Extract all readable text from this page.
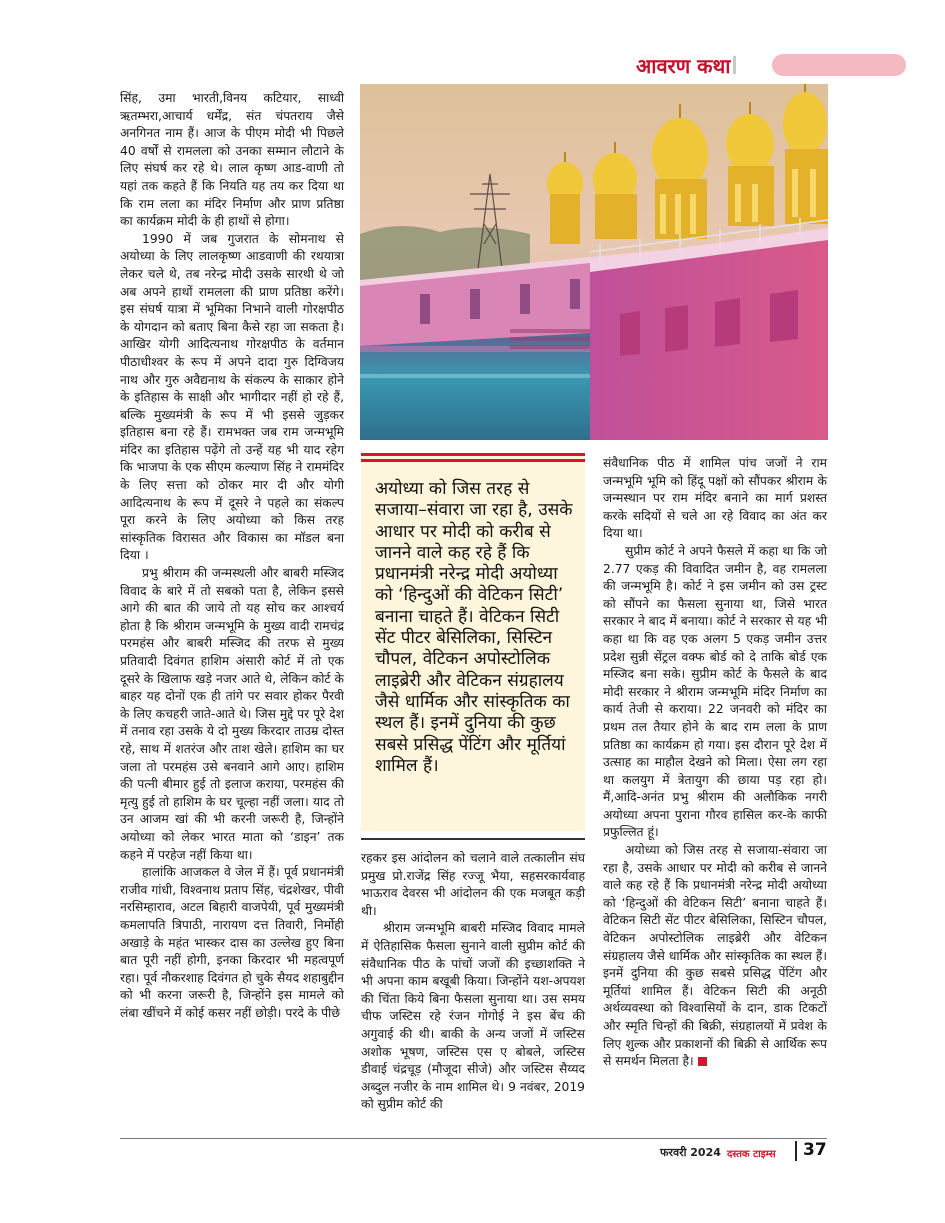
आवरण कथा

सिंह, उमा भारती,विनय कटियार, साध्वी ऋतम्भरा,आचार्य धर्मेंद्र, संत चंपतराय जैसे अनगिनत नाम हैं। आज के पीएम मोदी भी पिछले 40 वर्षों से रामलला को उनका सम्मान लौटाने के लिए संघर्ष कर रहे थे। लाल कृष्ण आड-वाणी तो यहां तक कहते हैं कि नियति यह तय कर दिया था कि राम लला का मंदिर निर्माण और प्राण प्रतिष्ठा का कार्यक्रम मोदी के ही हाथों से होगा।

1990 में जब गुजरात के सोमनाथ से अयोध्या के लिए लालकृष्ण आडवाणी की रथयात्रा लेकर चले थे, तब नरेन्द्र मोदी उसके सारथी थे जो अब अपने हाथों रामलला की प्राण प्रतिष्ठा करेंगे। इस संघर्ष यात्रा में भूमिका निभाने वाली गोरक्षपीठ के योगदान को बताए बिना कैसे रहा जा सकता है। आखिर योगी आदित्यनाथ गोरक्षपीठ के वर्तमान पीठाधीश्वर के रूप में अपने दादा गुरु दिग्विजय नाथ और गुरु अवैद्यनाथ के संकल्प के साकार होने के इतिहास के साक्षी और भागीदार नहीं हो रहे हैं, बल्कि मुख्यमंत्री के रूप में भी इससे जुड़कर इतिहास बना रहे हैं। रामभक्त जब राम जन्मभूमि मंदिर का इतिहास पढ़ेंगे तो उन्हें यह भी याद रहेग कि भाजपा के एक सीएम कल्याण सिंह ने राममंदिर के लिए सत्ता को ठोकर मार दी और योगी आदित्यनाथ के रूप में दूसरे ने पहले का संकल्प पूरा करने के लिए अयोध्या को किस तरह सांस्कृतिक विरासत और विकास का मॉडल बना दिया ।

प्रभु श्रीराम की जन्मस्थली और बाबरी मस्जिद विवाद के बारे में तो सबको पता है, लेकिन इससे आगे की बात की जाये तो यह सोच कर आश्चर्य होता है कि श्रीराम जन्मभूमि के मुख्य वादी रामचंद्र परमहंस और बाबरी मस्जिद की तरफ से मुख्य प्रतिवादी दिवंगत हाशिम अंसारी कोर्ट में तो एक दूसरे के खिलाफ खड़े नजर आते थे, लेकिन कोर्ट के बाहर यह दोनों एक ही तांगे पर सवार होकर पैरवी के लिए कचहरी जाते-आते थे। जिस मुद्दे पर पूरे देश में तनाव रहा उसके ये दो मुख्य किरदार ताउम्र दोस्त रहे, साथ में शतरंज और ताश खेले। हाशिम का घर जला तो परमहंस उसे बनवाने आगे आए। हाशिम की पत्नी बीमार हुई तो इलाज कराया, परमहंस की मृत्यु हुई तो हाशिम के घर चूल्हा नहीं जला। याद तो उन आजम खां की भी करनी जरूरी है, जिन्होंने अयोध्या को लेकर भारत माता को ‘डाइन’ तक कहने में परहेज नहीं किया था।

हालांकि आजकल वे जेल में हैं। पूर्व प्रधानमंत्री राजीव गांधी, विश्वनाथ प्रताप सिंह, चंद्रशेखर, पीवी नरसिम्हाराव, अटल बिहारी वाजपेयी, पूर्व मुख्यमंत्री कमलापति त्रिपाठी, नारायण दत्त तिवारी, निर्मोही अखाड़े के महंत भास्कर दास का उल्लेख हुए बिना बात पूरी नहीं होगी, इनका किरदार भी महत्वपूर्ण रहा। पूर्व नौकरशाह दिवंगत हो चुके सैयद शहाबुद्दीन को भी करना जरूरी है, जिन्होंने इस मामले को लंबा खींचने में कोई कसर नहीं छोड़ी। परदे के पीछे

अयोध्या को जिस तरह से सजाया–संवारा जा रहा है, उसके आधार पर मोदी को करीब से जानने वाले कह रहे हैं कि प्रधानमंत्री नरेन्द्र मोदी अयोध्या को ‘हिन्दुओं की वेटिकन सिटी’ बनाना चाहते हैं। वेटिकन सिटी सेंट पीटर बेसिलिका, सिस्टिन चौपल, वेटिकन अपोस्टोलिक लाइब्रेरी और वेटिकन संग्रहालय जैसे धार्मिक और सांस्कृतिक का स्थल हैं। इनमें दुनिया की कुछ सबसे प्रसिद्ध पेंटिंग और मूर्तियां शामिल हैं।

रहकर इस आंदोलन को चलाने वाले तत्कालीन संघ प्रमुख प्रो.राजेंद्र सिंह रज्जू भैया, सहसरकार्यवाह भाऊराव देवरस भी आंदोलन की एक मजबूत कड़ी थी।

श्रीराम जन्मभूमि बाबरी मस्जिद विवाद मामले में ऐतिहासिक फैसला सुनाने वाली सुप्रीम कोर्ट की संवैधानिक पीठ के पांचों जजों की इच्छाशक्ति ने भी अपना काम बखूबी किया। जिन्होंने यश-अपयश की चिंता किये बिना फैसला सुनाया था। उस समय चीफ जस्टिस रहे रंजन गोगोई ने इस बेंच की अगुवाई की थी। बाकी के अन्य जजों में जस्टिस अशोक भूषण, जस्टिस एस ए बोबले, जस्टिस डीवाई चंद्रचूड़ (मौजूदा सीजे) और जस्टिस सैय्यद अब्दुल नजीर के नाम शामिल थे। 9 नवंबर, 2019 को सुप्रीम कोर्ट की

संवैधानिक पीठ में शामिल पांच जजों ने राम जन्मभूमि भूमि को हिंदू पक्षों को सौंपकर श्रीराम के जन्मस्थान पर राम मंदिर बनाने का मार्ग प्रशस्त करके सदियों से चले आ रहे विवाद का अंत कर दिया था।

सुप्रीम कोर्ट ने अपने फैसले में कहा था कि जो 2.77 एकड़ की विवादित जमीन है, वह रामलला की जन्मभूमि है। कोर्ट ने इस जमीन को उस ट्रस्ट को सौंपने का फैसला सुनाया था, जिसे भारत सरकार ने बाद में बनाया। कोर्ट ने सरकार से यह भी कहा था कि वह एक अलग 5 एकड़ जमीन उत्तर प्रदेश सुन्नी सेंट्रल वक्फ बोर्ड को दे ताकि बोर्ड एक मस्जिद बना सके। सुप्रीम कोर्ट के फैसले के बाद मोदी सरकार ने श्रीराम जन्मभूमि मंदिर निर्माण का कार्य तेजी से कराया। 22 जनवरी को मंदिर का प्रथम तल तैयार होने के बाद राम लला के प्राण प्रतिष्ठा का कार्यक्रम हो गया। इस दौरान पूरे देश में उत्साह का माहौल देखने को मिला। ऐसा लग रहा था कलयुग में त्रेतायुग की छाया पड़ रहा हो। मैं,आदि-अनंत प्रभु श्रीराम की अलौकिक नगरी अयोध्या अपना पुराना गौरव हासिल कर-के काफी प्रफुल्लित हूं।

अयोध्या को जिस तरह से सजाया-संवारा जा रहा है, उसके आधार पर मोदी को करीब से जानने वाले कह रहे हैं कि प्रधानमंत्री नरेन्द्र मोदी अयोध्या को ‘हिन्दुओं की वेटिकन सिटी’ बनाना चाहते हैं। वेटिकन सिटी सेंट पीटर बेसिलिका, सिस्टिन चौपल, वेटिकन अपोस्टोलिक लाइब्रेरी और वेटिकन संग्रहालय जैसे धार्मिक और सांस्कृतिक का स्थल हैं। इनमें दुनिया की कुछ सबसे प्रसिद्ध पेंटिंग और मूर्तियां शामिल हैं। वेटिकन सिटी की अनूठी अर्थव्यवस्था को विश्वासियों के दान, डाक टिकटों और स्मृति चिन्हों की बिक्री, संग्रहालयों में प्रवेश के लिए शुल्क और प्रकाशनों की बिक्री से आर्थिक रूप से समर्थन मिलता है।

फरवरी 2024 दस्तक टाइम्स 37
